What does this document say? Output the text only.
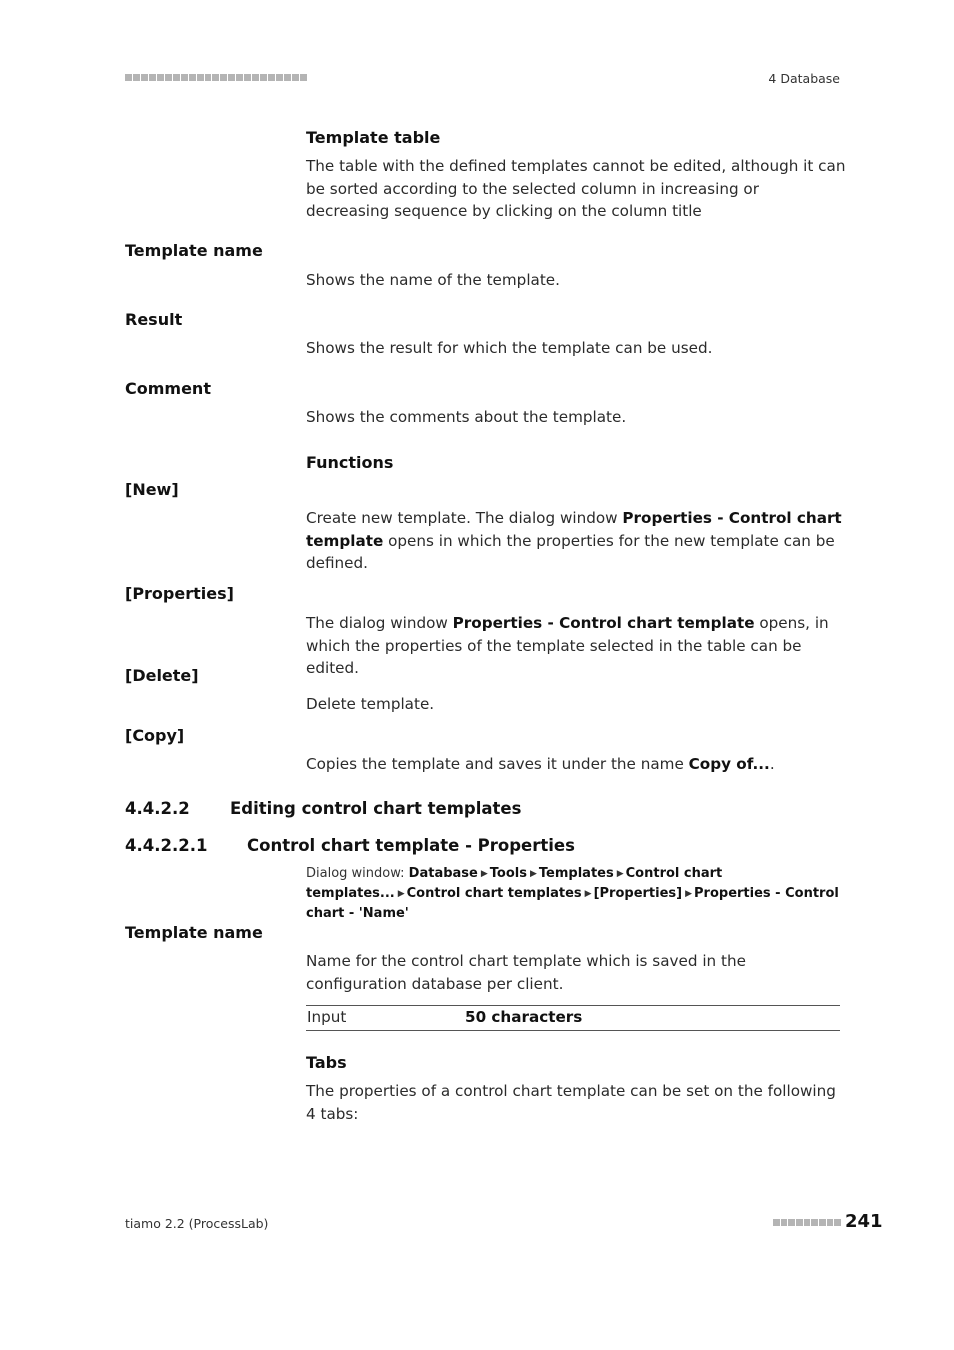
4 Database
Template table
The table with the defined templates cannot be edited, although it can be sorted according to the selected column in increasing or decreasing sequence by clicking on the column title
Template name
Shows the name of the template.
Result
Shows the result for which the template can be used.
Comment
Shows the comments about the template.
Functions
[New]
Create new template. The dialog window Properties - Control chart template opens in which the properties for the new template can be defined.
[Properties]
The dialog window Properties - Control chart template opens, in which the properties of the template selected in the table can be edited.
[Delete]
Delete template.
[Copy]
Copies the template and saves it under the name Copy of....
4.4.2.2 Editing control chart templates
4.4.2.2.1 Control chart template - Properties
Dialog window: Database ▶ Tools ▶ Templates ▶ Control chart templates... ▶ Control chart templates ▶ [Properties] ▶ Properties - Control chart - 'Name'
Template name
Name for the control chart template which is saved in the configuration database per client.
Input	50 characters
Tabs
The properties of a control chart template can be set on the following 4 tabs:
tiamo 2.2 (ProcessLab)	241
